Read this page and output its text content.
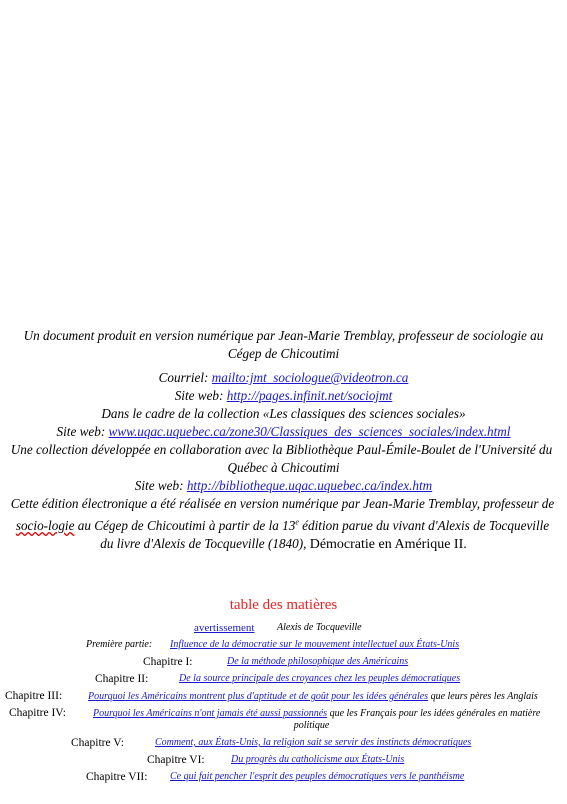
Un document produit en version numérique par Jean-Marie Tremblay, professeur de sociologie au

Cégep de Chicoutimi

Courriel: mailto:jmt_sociologue@videotron.ca

Site web: http://pages.infinit.net/sociojmt

Dans le cadre de la collection «Les classiques des sciences sociales»

Site web: www.uqac.uquebec.ca/zone30/Classiques_des_sciences_sociales/index.html

Une collection développée en collaboration avec la Bibliothèque Paul-Émile-Boulet de l'Université du

Québec à Chicoutimi

Site web: http://bibliotheque.uqac.uquebec.ca/index.htm

Cette édition électronique a été réalisée en version numérique par Jean-Marie Tremblay, professeur de

socio-logie au Cégep de Chicoutimi à partir de la 13e édition parue du vivant d'Alexis de Tocqueville

du livre d'Alexis de Tocqueville (1840), Démocratie en Amérique II.

table des matières
avertissement Alexis de Tocqueville
Première partie: Influence de la démocratie sur le mouvement intellectuel aux États-Unis
Chapitre I:	De la méthode philosophique des Américains
Chapitre II:	De la source principale des croyances chez les peuples démocratiques
Chapitre III:	Pourquoi les Américains montrent plus d'aptitude et de goût pour les idées générales que leurs pères les Anglais
Chapitre IV:	Pourquoi les Américains n'ont jamais été aussi passionnés que les Français pour les idées générales en matière
politique
Chapitre V:	Comment, aux États-Unis, la religion sait se servir des instincts démocratiques
Chapitre VI:	Du progrès du catholicisme aux États-Unis
Chapitre VII: Ce qui fait pencher l'esprit des peuples démocratiques vers le panthéisme
